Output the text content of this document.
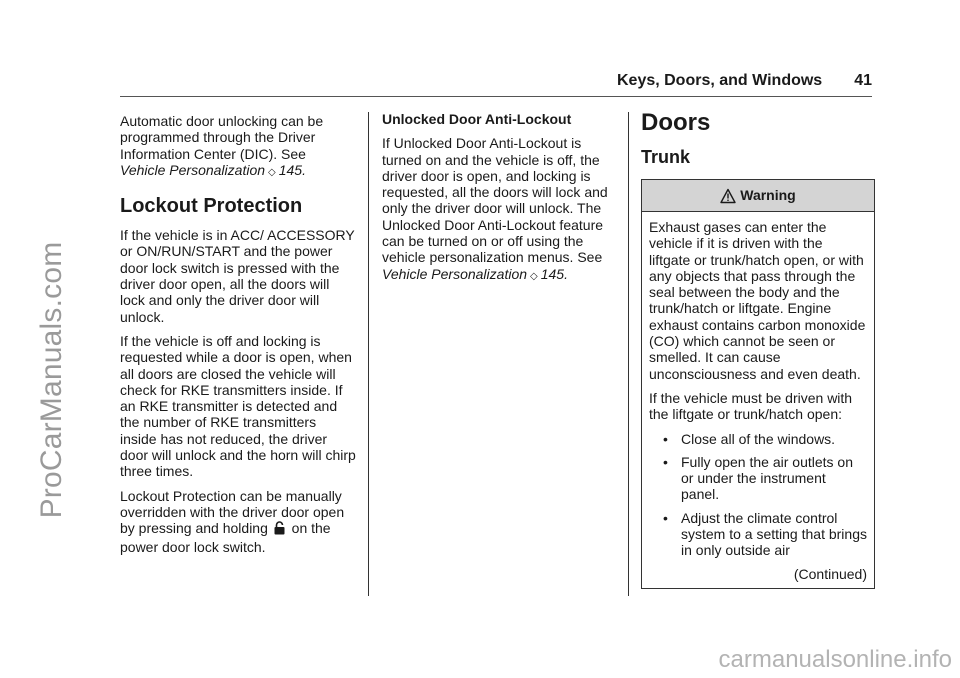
ProCarManuals.com
carmanualsonline.info
Keys, Doors, and Windows 41

Automatic door unlocking can be programmed through the Driver Information Center (DIC). See
Vehicle Personalization ◇ 145.

Lockout Protection

If the vehicle is in ACC/ ACCESSORY or ON/RUN/START and the power door lock switch is pressed with the driver door open, all the doors will lock and only the driver door will unlock.

If the vehicle is off and locking is requested while a door is open, when all doors are closed the vehicle will check for RKE transmitters inside. If an RKE transmitter is detected and the number of RKE transmitters inside has not reduced, the driver door will unlock and the horn will chirp three times.

Lockout Protection can be manually overridden with the driver door open by pressing and holding on the power door lock switch.

Unlocked Door Anti-Lockout

If Unlocked Door Anti-Lockout is turned on and the vehicle is off, the driver door is open, and locking is requested, all the doors will lock and only the driver door will unlock. The Unlocked Door Anti-Lockout feature can be turned on or off using the vehicle personalization menus. See
Vehicle Personalization ◇ 145.

Doors
Trunk
Warning

Exhaust gases can enter the vehicle if it is driven with the liftgate or trunk/hatch open, or with any objects that pass through the seal between the body and the trunk/hatch or liftgate. Engine exhaust contains carbon monoxide (CO) which cannot be seen or smelled. It can cause unconsciousness and even death.

If the vehicle must be driven with the liftgate or trunk/hatch open:

• Close all of the windows.
• Fully open the air outlets on or under the instrument panel.
• Adjust the climate control system to a setting that brings in only outside air
(Continued)
